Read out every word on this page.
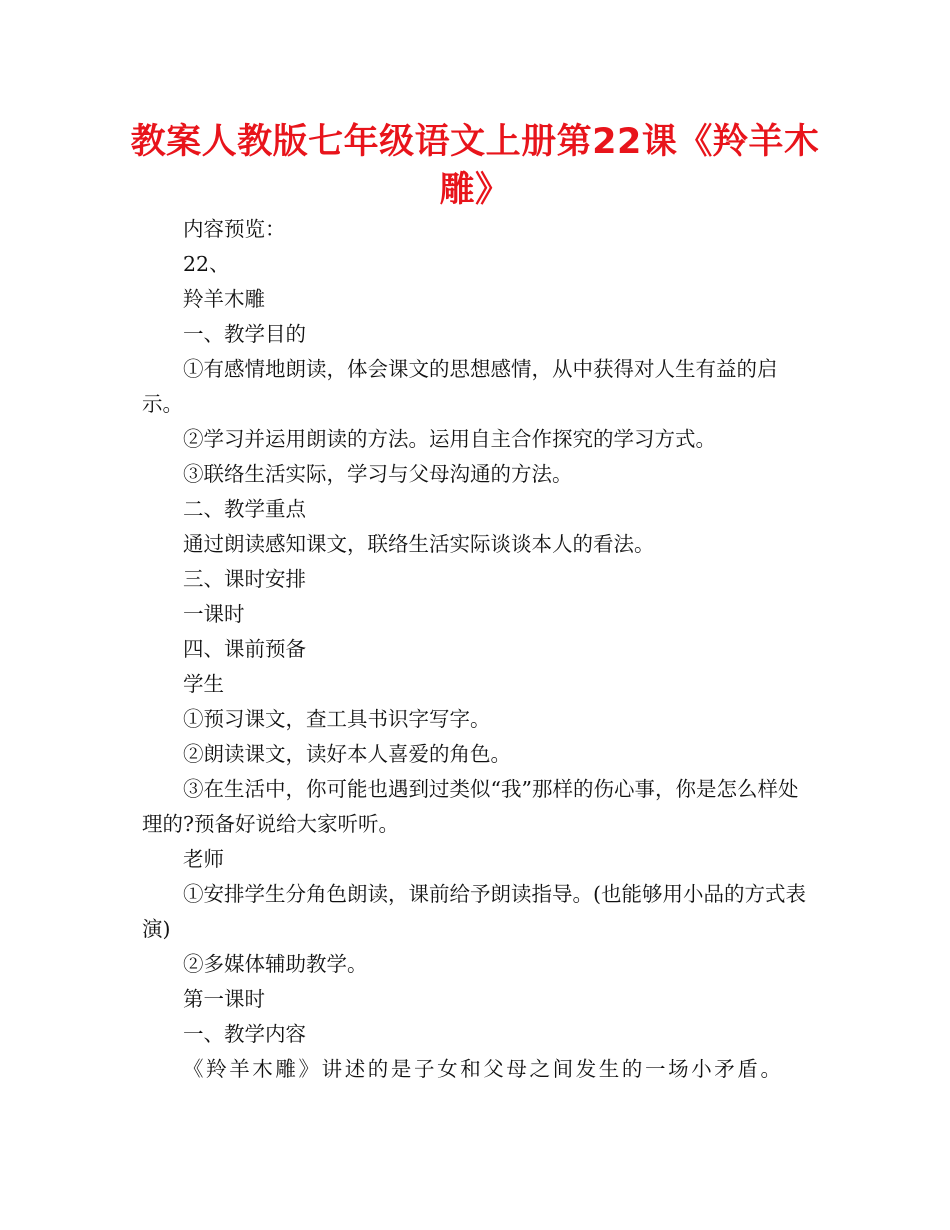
教案人教版七年级语文上册第22课《羚羊木雕》

内容预览：

22、

羚羊木雕

一、教学目的

①有感情地朗读，体会课文的思想感情，从中获得对人生有益的启示。

②学习并运用朗读的方法。运用自主合作探究的学习方式。

③联络生活实际，学习与父母沟通的方法。

二、教学重点

通过朗读感知课文，联络生活实际谈谈本人的看法。

三、课时安排

一课时

四、课前预备

学生

①预习课文，查工具书识字写字。

②朗读课文，读好本人喜爱的角色。

③在生活中，你可能也遇到过类似“我”那样的伤心事，你是怎么样处理的?预备好说给大家听听。

老师

①安排学生分角色朗读，课前给予朗读指导。(也能够用小品的方式表演)

②多媒体辅助教学。

第一课时

一、教学内容

《羚羊木雕》讲述的是子女和父母之间发生的一场小矛盾。
